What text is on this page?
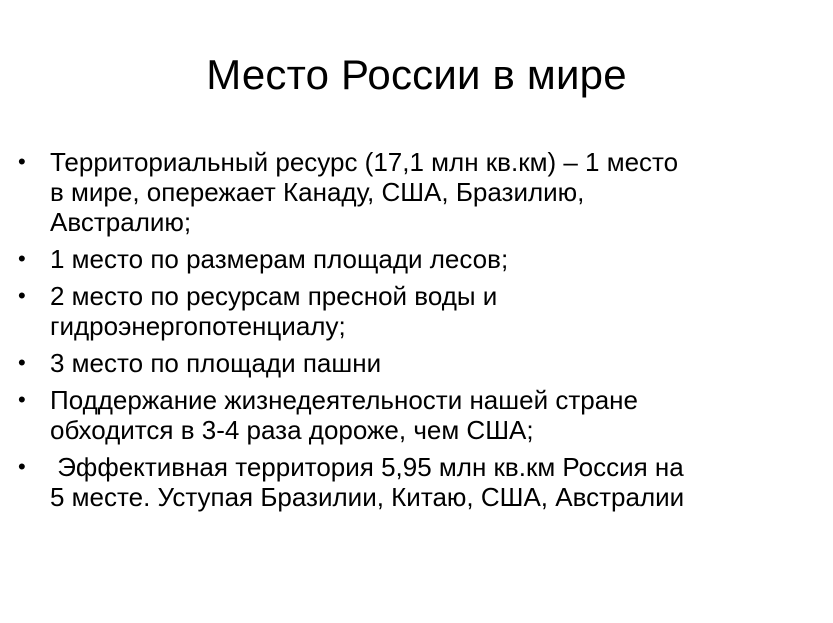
Место России в мире
• Территориальный ресурс (17,1 млн кв.км) – 1 место
в мире, опережает Канаду, США, Бразилию,
Австралию;
• 1 место по размерам площади лесов;
• 2 место по ресурсам пресной воды и
гидроэнергопотенциалу;
• 3 место по площади пашни
• Поддержание жизнедеятельности нашей стране
обходится в 3-4 раза дороже, чем США;
•	Эффективная территория 5,95 млн кв.км Россия на
5 месте. Уступая Бразилии, Китаю, США, Австралии
